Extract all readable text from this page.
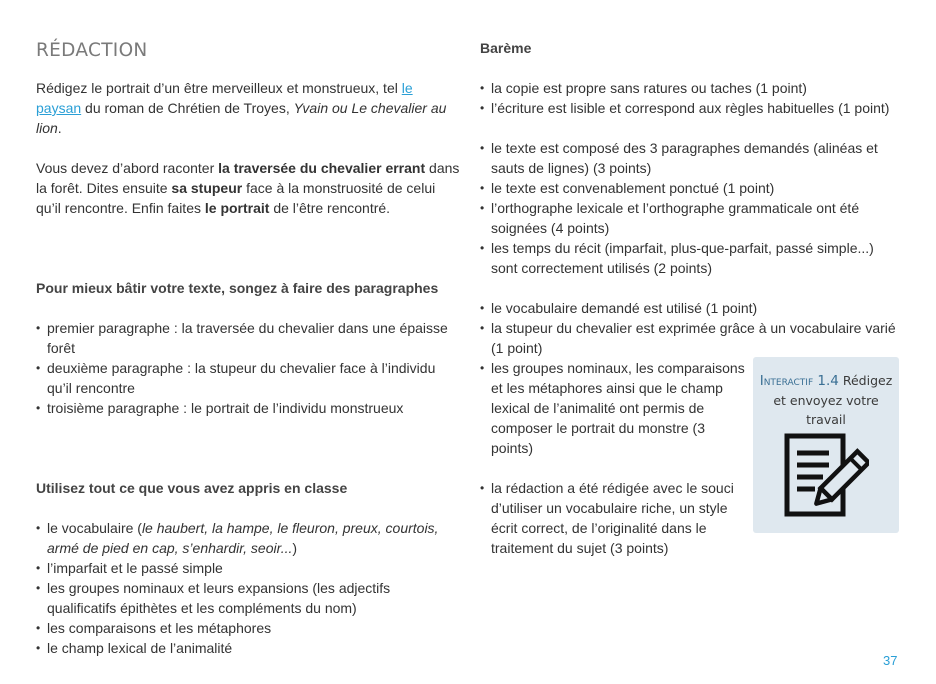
RÉDACTION

Rédigez le portrait d’un être merveilleux et monstrueux, tel le paysan du roman de Chrétien de Troyes, Yvain ou Le chevalier au lion.

Vous devez d’abord raconter la traversée du chevalier errant dans la forêt. Dites ensuite sa stupeur face à la monstruosité de celui qu’il rencontre. Enfin faites le portrait de l’être rencontré.

Pour mieux bâtir votre texte, songez à faire des paragraphes

• premier paragraphe : la traversée du chevalier dans une épaisse forêt
• deuxième paragraphe : la stupeur du chevalier face à l’individu qu’il rencontre
• troisième paragraphe : le portrait de l’individu monstrueux

Utilisez tout ce que vous avez appris en classe

• le vocabulaire (le haubert, la hampe, le fleuron, preux, courtois, armé de pied en cap, s’enhardir, seoir...)
• l’imparfait et le passé simple
• les groupes nominaux et leurs expansions (les adjectifs qualificatifs épithètes et les compléments du nom)
• les comparaisons et les métaphores
• le champ lexical de l’animalité

Barème

• la copie est propre sans ratures ou taches (1 point)
• l’écriture est lisible et correspond aux règles habituelles (1 point)
• le texte est composé des 3 paragraphes demandés (alinéas et sauts de lignes) (3 points)
• le texte est convenablement ponctué (1 point)
• l’orthographe lexicale et l’orthographe grammaticale ont été soignées (4 points)
• les temps du récit (imparfait, plus-que-parfait, passé simple...) sont correctement utilisés (2 points)
• le vocabulaire demandé est utilisé (1 point)
• la stupeur du chevalier est exprimée grâce à un vocabulaire varié (1 point)
• les groupes nominaux, les comparaisons et les métaphores ainsi que le champ lexical de l’animalité ont permis de composer le portrait du monstre (3 points)
• la rédaction a été rédigée avec le souci d’utiliser un vocabulaire riche, un style écrit correct, de l’originalité dans le traitement du sujet (3 points)
Interactif 1.4 Rédigez et envoyez votre travail
37
